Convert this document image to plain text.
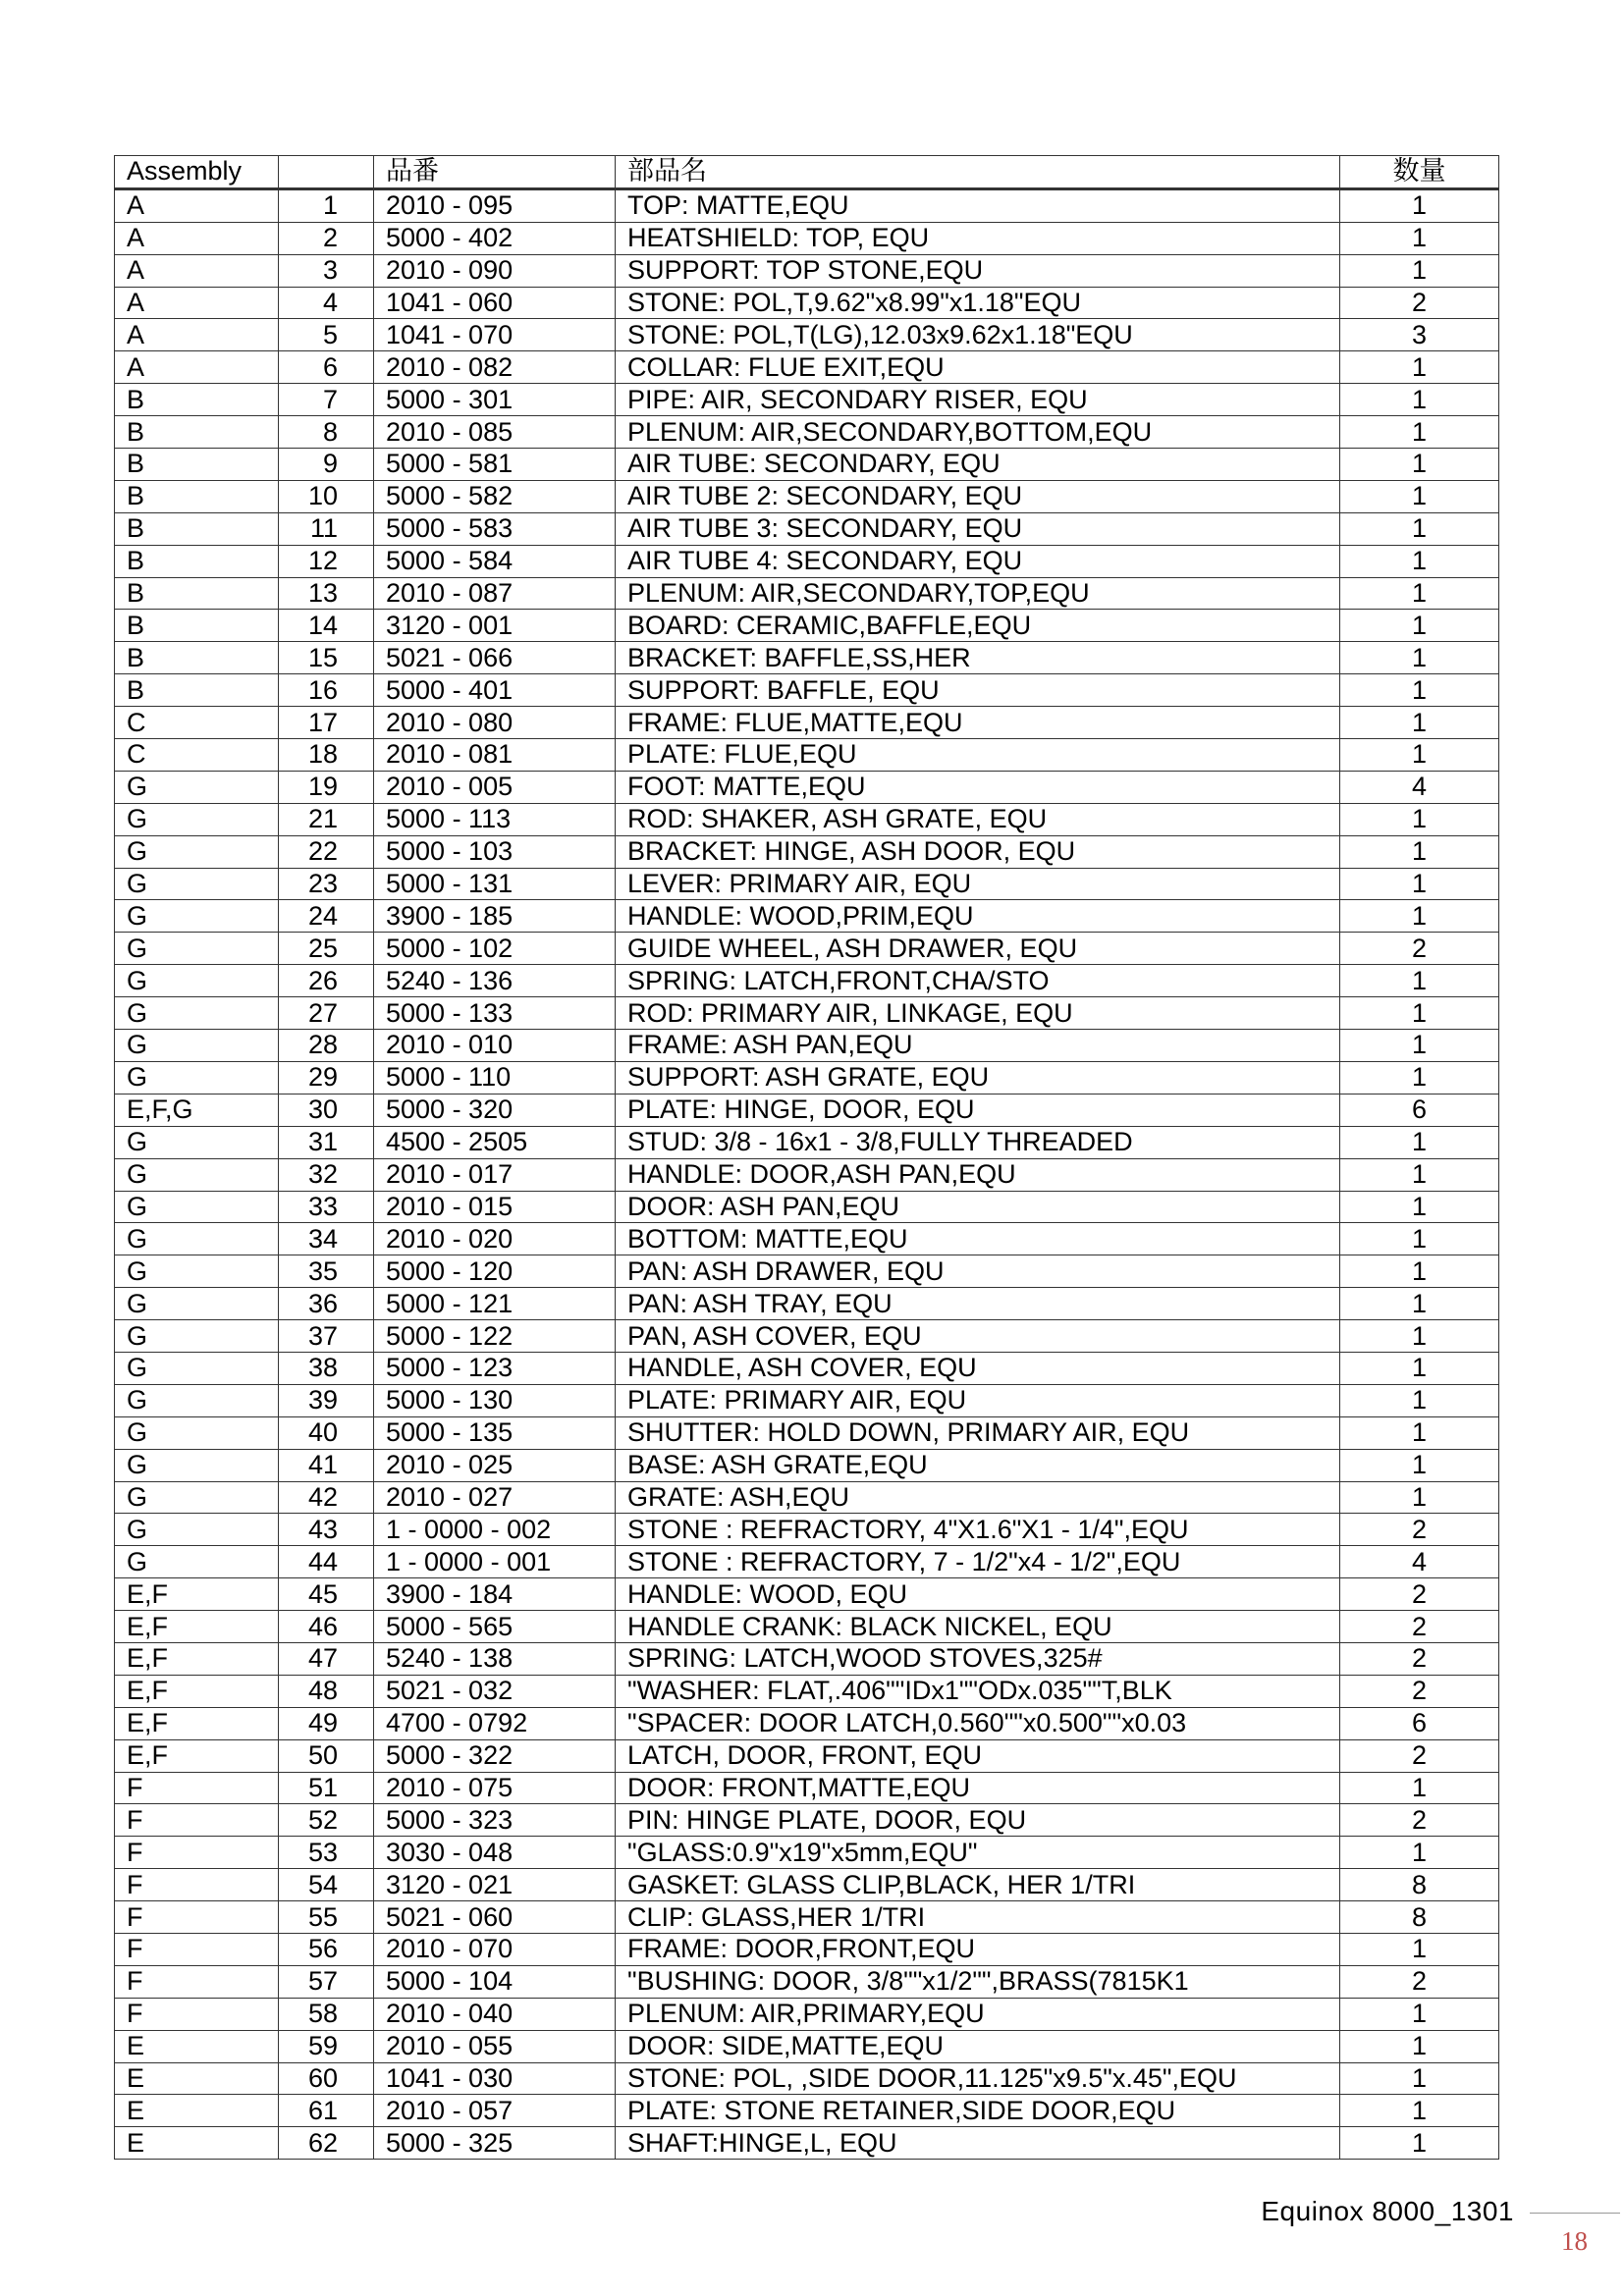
Assembly		品番	部品名	数量
A	1	2010 - 095	TOP: MATTE,EQU	1
A	2	5000 - 402	HEATSHIELD: TOP, EQU	1
A	3	2010 - 090	SUPPORT: TOP STONE,EQU	1
A	4	1041 - 060	STONE: POL,T,9.62"x8.99"x1.18"EQU	2
A	5	1041 - 070	STONE: POL,T(LG),12.03x9.62x1.18"EQU	3
A	6	2010 - 082	COLLAR: FLUE EXIT,EQU	1
B	7	5000 - 301	PIPE: AIR, SECONDARY RISER, EQU	1
B	8	2010 - 085	PLENUM: AIR,SECONDARY,BOTTOM,EQU	1
B	9	5000 - 581	AIR TUBE: SECONDARY, EQU	1
B	10	5000 - 582	AIR TUBE 2: SECONDARY, EQU	1
B	11	5000 - 583	AIR TUBE 3: SECONDARY, EQU	1
B	12	5000 - 584	AIR TUBE 4: SECONDARY, EQU	1
B	13	2010 - 087	PLENUM: AIR,SECONDARY,TOP,EQU	1
B	14	3120 - 001	BOARD: CERAMIC,BAFFLE,EQU	1
B	15	5021 - 066	BRACKET: BAFFLE,SS,HER	1
B	16	5000 - 401	SUPPORT: BAFFLE, EQU	1
C	17	2010 - 080	FRAME: FLUE,MATTE,EQU	1
C	18	2010 - 081	PLATE: FLUE,EQU	1
G	19	2010 - 005	FOOT: MATTE,EQU	4
G	21	5000 - 113	ROD: SHAKER, ASH GRATE, EQU	1
G	22	5000 - 103	BRACKET: HINGE, ASH DOOR, EQU	1
G	23	5000 - 131	LEVER: PRIMARY AIR, EQU	1
G	24	3900 - 185	HANDLE: WOOD,PRIM,EQU	1
G	25	5000 - 102	GUIDE WHEEL, ASH DRAWER, EQU	2
G	26	5240 - 136	SPRING: LATCH,FRONT,CHA/STO	1
G	27	5000 - 133	ROD: PRIMARY AIR, LINKAGE, EQU	1
G	28	2010 - 010	FRAME: ASH PAN,EQU	1
G	29	5000 - 110	SUPPORT: ASH GRATE, EQU	1
E,F,G	30	5000 - 320	PLATE: HINGE, DOOR, EQU	6
G	31	4500 - 2505	STUD: 3/8 - 16x1 - 3/8,FULLY THREADED	1
G	32	2010 - 017	HANDLE: DOOR,ASH PAN,EQU	1
G	33	2010 - 015	DOOR: ASH PAN,EQU	1
G	34	2010 - 020	BOTTOM: MATTE,EQU	1
G	35	5000 - 120	PAN: ASH DRAWER, EQU	1
G	36	5000 - 121	PAN: ASH TRAY, EQU	1
G	37	5000 - 122	PAN, ASH COVER, EQU	1
G	38	5000 - 123	HANDLE, ASH COVER, EQU	1
G	39	5000 - 130	PLATE: PRIMARY AIR, EQU	1
G	40	5000 - 135	SHUTTER: HOLD DOWN, PRIMARY AIR, EQU	1
G	41	2010 - 025	BASE: ASH GRATE,EQU	1
G	42	2010 - 027	GRATE: ASH,EQU	1
G	43	1 - 0000 - 002	STONE : REFRACTORY, 4"X1.6"X1 - 1/4",EQU	2
G	44	1 - 0000 - 001	STONE : REFRACTORY, 7 - 1/2"x4 - 1/2",EQU	4
E,F	45	3900 - 184	HANDLE: WOOD, EQU	2
E,F	46	5000 - 565	HANDLE CRANK: BLACK NICKEL, EQU	2
E,F	47	5240 - 138	SPRING: LATCH,WOOD STOVES,325#	2
E,F	48	5021 - 032	"WASHER: FLAT,.406""IDx1""ODx.035""T,BLK	2
E,F	49	4700 - 0792	"SPACER: DOOR LATCH,0.560""x0.500""x0.03	6
E,F	50	5000 - 322	LATCH, DOOR, FRONT, EQU	2
F	51	2010 - 075	DOOR: FRONT,MATTE,EQU	1
F	52	5000 - 323	PIN: HINGE PLATE, DOOR, EQU	2
F	53	3030 - 048	"GLASS:0.9"x19"x5mm,EQU"	1
F	54	3120 - 021	GASKET: GLASS CLIP,BLACK, HER 1/TRI	8
F	55	5021 - 060	CLIP: GLASS,HER 1/TRI	8
F	56	2010 - 070	FRAME: DOOR,FRONT,EQU	1
F	57	5000 - 104	"BUSHING: DOOR, 3/8""x1/2"",BRASS(7815K1	2
F	58	2010 - 040	PLENUM: AIR,PRIMARY,EQU	1
E	59	2010 - 055	DOOR: SIDE,MATTE,EQU	1
E	60	1041 - 030	STONE: POL, ,SIDE DOOR,11.125"x9.5"x.45",EQU	1
E	61	2010 - 057	PLATE: STONE RETAINER,SIDE DOOR,EQU	1
E	62	5000 - 325	SHAFT:HINGE,L, EQU	1
Equinox 8000_1301
18
